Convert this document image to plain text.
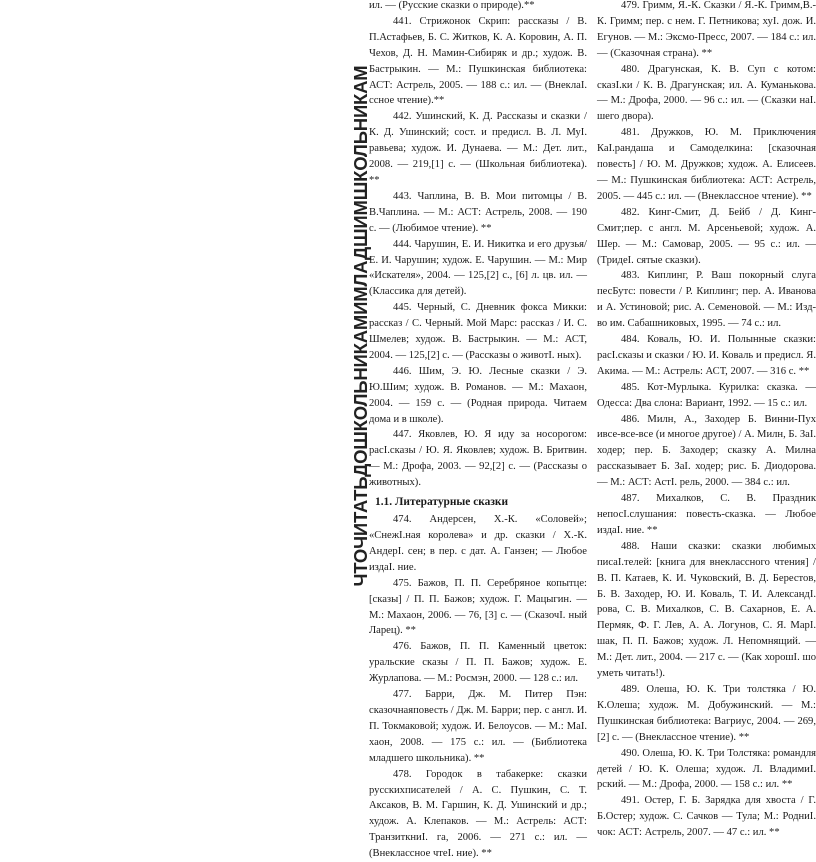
ЧТОЧИТАТЬДОШКОЛЬНИКАМИМЛАДШИМШКОЛЬНИКАМ

ил. — (Русские сказки о природе).**

441. Стрижонок Скрип: рассказы / В. П.Астафьев, Б. С. Житков, К. А. Коровин, А. П. Чехов, Д. Н. Мамин-Сибиряк и др.; худож. В. Бастрыкин. — М.: Пушкинская библиотека: АСТ: Астрель, 2005. — 188 с.: ил. — (ВнеклаI. ссное чтение).**

442. Ушинский, К. Д. Рассказы и сказки /К. Д. Ушинский; сост. и предисл. В. Л. МуI. равьева; худож. И. Дунаева. — М.: Дет. лит., 2008. — 219,[1] с. — (Школьная библиотека). **

443. Чаплина, В. В. Мои питомцы / В. В.Чаплина. — М.: АСТ: Астрель, 2008. — 190 с. — (Любимое чтение). **

444. Чарушин, Е. И. Никитка и его друзья/ Е. И. Чарушин; худож. Е. Чарушин. — М.: Мир «Искателя», 2004. — 125,[2] с., [6] л. цв. ил. — (Классика для детей).

445. Черный, С. Дневник фокса Микки: рассказ / С. Черный. Мой Марс: рассказ / И. С. Шмелев; худож. В. Бастрыкин. — М.: АСТ, 2004. — 125,[2] с. — (Рассказы о животI. ных).

446. Шим, Э. Ю. Лесные сказки / Э. Ю.Шим; худож. В. Романов. — М.: Махаон, 2004. — 159 с. — (Родная природа. Читаем дома и в школе).

447. Яковлев, Ю. Я иду за носорогом: расI.сказы / Ю. Я. Яковлев; худож. В. Бритвин. — М.: Дрофа, 2003. — 92,[2] с. — (Рассказы о животных).

1.1. Литературные сказки

474. Андерсен, Х.-К. «Соловей»; «СнежI.ная королева» и др. сказки / Х.-К. АндерI. сен; в пер. с дат. А. Ганзен; — Любое издаI. ние.

475. Бажов, П. П. Серебряное копытце: [сказы] / П. П. Бажов; худож. Г. Мацыгин. — М.: Махаон, 2006. — 76, [3] с. — (СказочI. ный Ларец). **

476. Бажов, П. П. Каменный цветок: уральские сказы / П. П. Бажов; худож. Е. Журлапова. — М.: Росмэн, 2000. — 128 с.: ил.

477. Барри, Дж. М. Питер Пэн: сказочнаяповесть / Дж. М. Барри; пер. с англ. И. П. Токмаковой; худож. И. Белоусов. — М.: МаI. хаон, 2008. — 175 с.: ил. — (Библиотека младшего школьника). **

478. Городок в табакерке: сказки русскихписателей / А. С. Пушкин, С. Т. Аксаков, В. М. Гаршин, К. Д. Ушинский и др.; худож. А. Клепаков. — М.: Астрель: АСТ: ТранзиткниI. га, 2006. — 271 с.: ил. — (Внеклассное чтеI. ние). **

479. Гримм, Я.-К. Сказки / Я.-К. Гримм,В.-К. Гримм; пер. с нем. Г. Петникова; хуI. дож. И. Егунов. — М.: Эксмо-Пресс, 2007. — 184 с.: ил. — (Сказочная страна). **

480. Драгунская, К. В. Суп с котом: сказI.ки / К. В. Драгунская; ил. А. Куманькова. — М.: Дрофа, 2000. — 96 с.: ил. — (Сказки наI. шего двора).

481. Дружков, Ю. М. Приключения КаI.рандаша и Самоделкина: [сказочная повесть] / Ю. М. Дружков; худож. А. Елисеев. — М.: Пушкинская библиотека: АСТ: Астрель, 2005. — 445 с.: ил. — (Внеклассное чтение). **

482. Кинг-Смит, Д. Бейб / Д. Кинг-Смит;пер. с англ. М. Арсеньевой; худож. А. Шер. — М.: Самовар, 2005. — 95 с.: ил. — (ТридеI. сятые сказки).

483. Киплинг, Р. Ваш покорный слуга песБутс: повести / Р. Киплинг; пер. А. Иванова и А. Устиновой; рис. А. Семеновой. — М.: Изд-во им. Сабашниковых, 1995. — 74 с.: ил.

484. Коваль, Ю. И. Полынные сказки: расI.сказы и сказки / Ю. И. Коваль и предисл. Я. Акима. — М.: Астрель: АСТ, 2007. — 316 с. **

485. Кот-Мурлыка. Курилка: сказка. —Одесса: Два слона: Вариант, 1992. — 15 с.: ил.

486. Милн, А., Заходер Б. Винни-Пух ивсе-все-все (и многое другое) / А. Милн, Б. ЗаI. ходер; пер. Б. Заходер; сказку А. Милна рассказывает Б. ЗаI. ходер; рис. Б. Диодорова. — М.: АСТ: АстI. рель, 2000. — 384 с.: ил.

487. Михалков, С. В. Праздник непосI.слушания: повесть-сказка. — Любое издаI. ние. **

488. Наши сказки: сказки любимых писаI.телей: [книга для внеклассного чтения] / В. П. Катаев, К. И. Чуковский, В. Д. Берестов, Б. В. Заходер, Ю. И. Коваль, Т. И. АлександI. рова, С. В. Михалков, С. В. Сахарнов, Е. А. Пермяк, Ф. Г. Лев, А. А. Логунов, С. Я. МарI. шак, П. П. Бажов; худож. Л. Непомнящий. — М.: Дет. лит., 2004. — 217 с. — (Как хорошI. шо уметь читать!).

489. Олеша, Ю. К. Три толстяка / Ю. К.Олеша; худож. М. Добужинский. — М.: Пушкинская библиотека: Вагриус, 2004. — 269,[2] с. — (Внеклассное чтение). **

490. Олеша, Ю. К. Три Толстяка: романдля детей / Ю. К. Олеша; худож. Л. ВладимиI. рский. — М.: Дрофа, 2000. — 158 с.: ил. **

491. Остер, Г. Б. Зарядка для хвоста / Г. Б.Остер; худож. С. Сачков — Тула; М.: РодниI. чок: АСТ: Астрель, 2007. — 47 с.: ил. **
